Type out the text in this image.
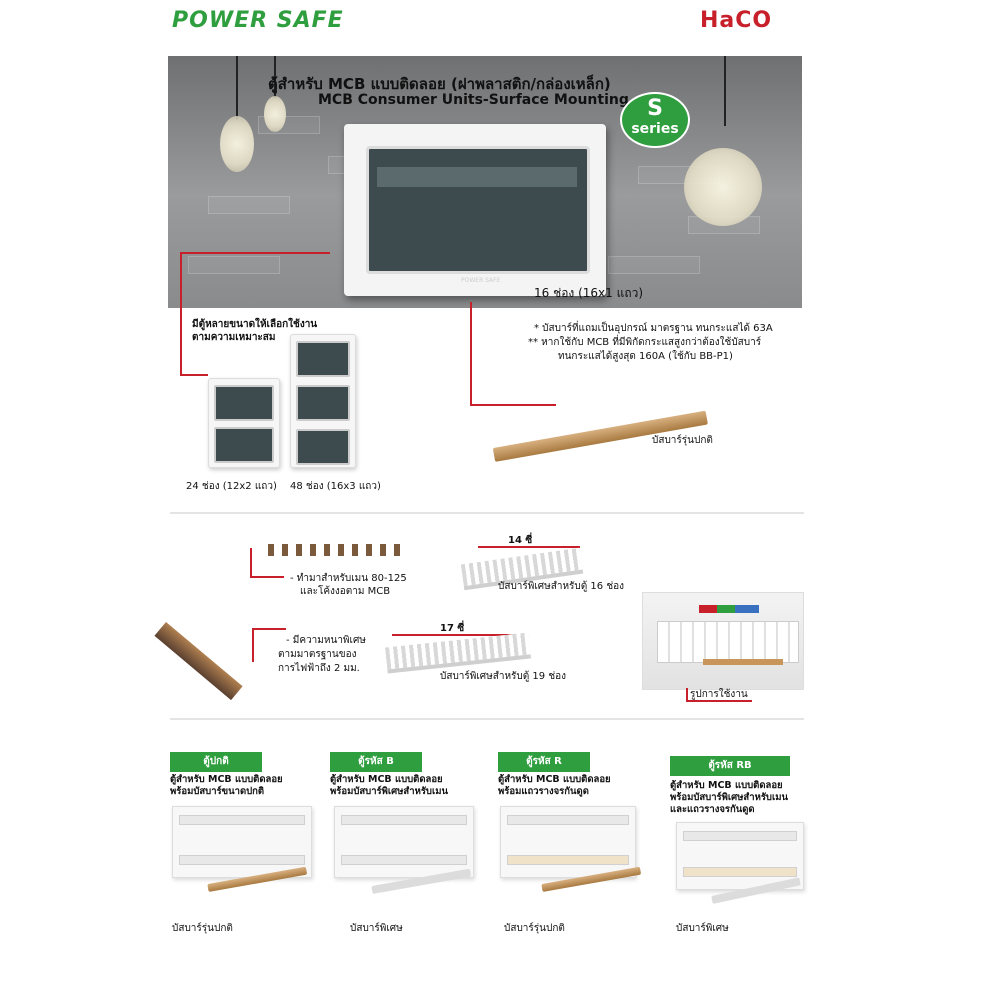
POWER SAFE	HaCO
ตู้สำหรับ MCB แบบติดลอย (ฝาพลาสติก/กล่องเหล็ก)
MCB Consumer Units-Surface Mounting S
series
POWER SAFE
16 ช่อง (16x1 แถว)
มีตู้หลายขนาดให้เลือกใช้งาน
ตามความเหมาะสม
24 ช่อง (12x2 แถว) 48 ช่อง (16x3 แถว)
* บัสบาร์ที่แถมเป็นอุปกรณ์ มาตรฐาน ทนกระแสได้ 63A
** หากใช้กับ MCB ที่มีพิกัดกระแสสูงกว่าต้องใช้บัสบาร์
ทนกระแสได้สูงสุด 160A (ใช้กับ BB-P1)
บัสบาร์รุ่นปกติ
- ทำมาสำหรับเมน 80-125
และโค้งงอตาม MCB
- มีความหนาพิเศษ
ตามมาตรฐานของ
การไฟฟ้าถึง 2 มม.
14 ซี่
บัสบาร์พิเศษสำหรับตู้ 16 ช่อง
17 ซี่
บัสบาร์พิเศษสำหรับตู้ 19 ช่อง
รูปการใช้งาน
ตู้ปกติ
ตู้สำหรับ MCB แบบติดลอย
พร้อมบัสบาร์ขนาดปกติ
บัสบาร์รุ่นปกติ
ตู้รหัส B
ตู้สำหรับ MCB แบบติดลอย
พร้อมบัสบาร์พิเศษสำหรับเมน
บัสบาร์พิเศษ
ตู้รหัส R
ตู้สำหรับ MCB แบบติดลอย
พร้อมแถวรางจรกันดูด
บัสบาร์รุ่นปกติ
ตู้รหัส RB
ตู้สำหรับ MCB แบบติดลอย
พร้อมบัสบาร์พิเศษสำหรับเมน
และแถวรางจรกันดูด
บัสบาร์พิเศษ
